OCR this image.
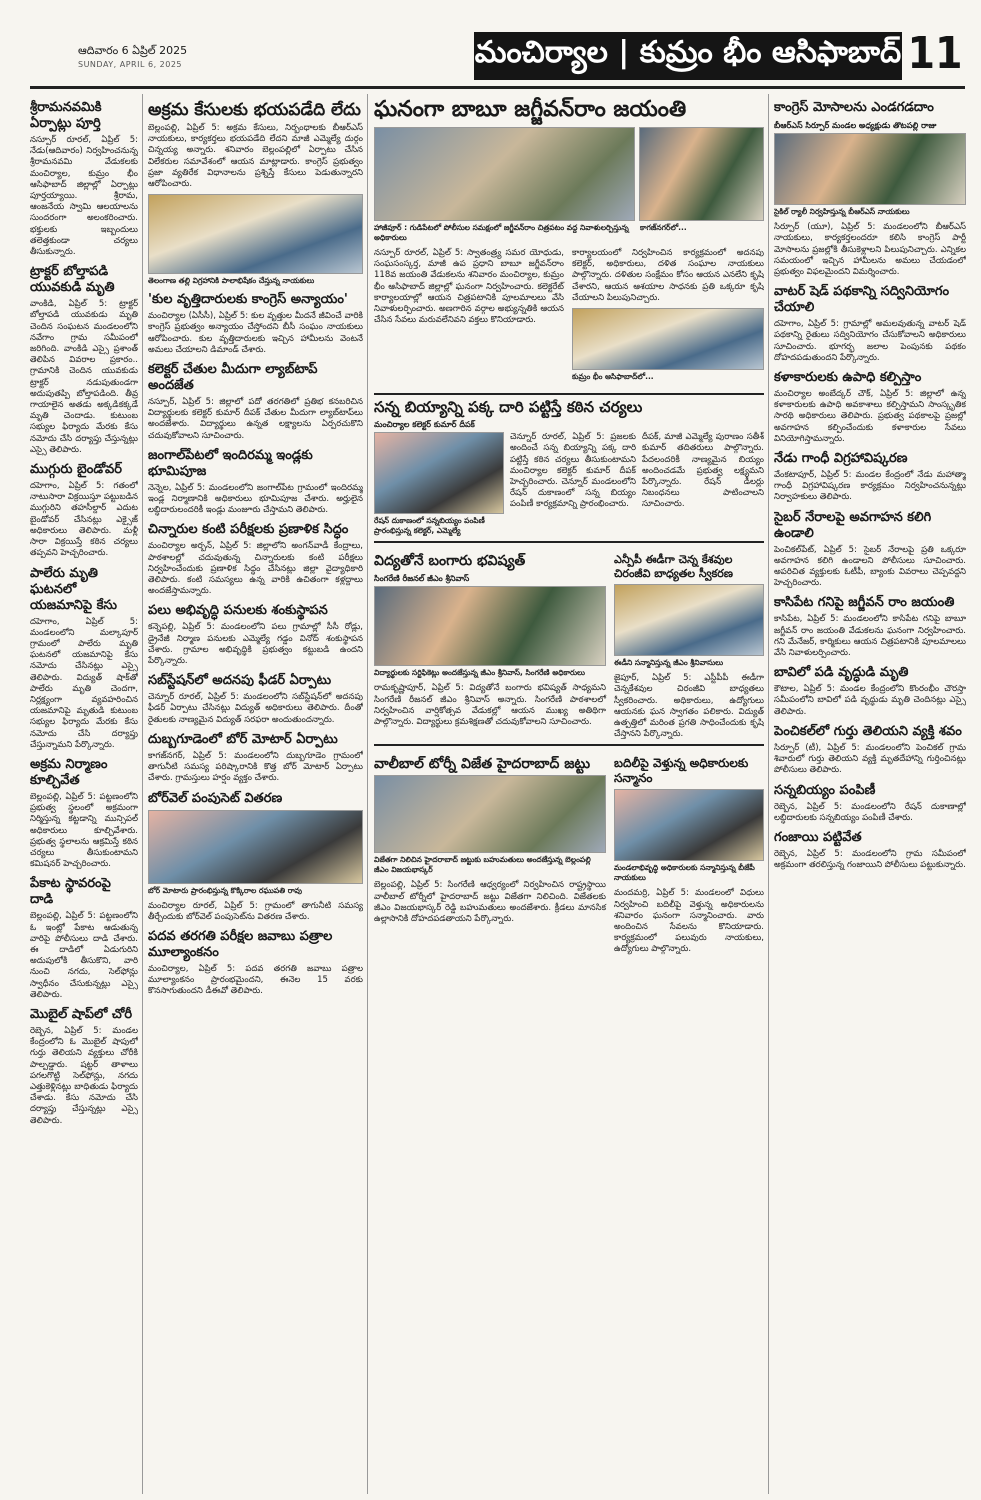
ఆదివారం 6 ఏప్రిల్ 2025
SUNDAY, APRIL 6, 2025	మంచిర్యాల | కుమ్రం భీం ఆసిఫాబాద్ 11
శ్రీరామనవమికి ఏర్పాట్లు పూర్తి

నస్పూర్‌ రూరల్‌, ఏప్రిల్‌ 5: నేడు(ఆదివారం) నిర్వహించనున్న శ్రీరామనవమి వేడుకలకు మంచిర్యాల, కుమ్రం భీం ఆసిఫాబాద్‌ జిల్లాల్లో ఏర్పాట్లు పూర్తయ్యాయి. శ్రీరామ, ఆంజనేయ స్వామి ఆలయాలను సుందరంగా అలంకరించారు. భక్తులకు ఇబ్బందులు తలెత్తకుండా చర్యలు తీసుకున్నారు.

ట్రాక్టర్‌ బోల్తాపడి యువకుడి మృతి

వాంకిడి, ఏప్రిల్‌ 5: ట్రాక్టర్‌ బోల్తాపడి యువకుడు మృతి చెందిన సంఘటన మండలంలోని నవేగాం గ్రామ సమీపంలో జరిగింది. వాంకిడి ఎస్సై ప్రశాంత్‌ తెలిపిన వివరాల ప్రకారం.. గ్రామానికి చెందిన యువకుడు ట్రాక్టర్‌ నడుపుతుండగా అదుపుతప్పి బోల్తాపడింది. తీవ్ర గాయాలైన అతడు అక్కడికక్కడే మృతి చెందాడు. కుటుంబ సభ్యుల ఫిర్యాదు మేరకు కేసు నమోదు చేసి దర్యాప్తు చేస్తున్నట్లు ఎస్సై తెలిపారు.

ముగ్గురు బైండోవర్‌

దహెగాం, ఏప్రిల్‌ 5: గతంలో నాటుసారా విక్రయిస్తూ పట్టుబడిన ముగ్గురిని తహసీల్దార్‌ ఎదుట బైండోవర్‌ చేసినట్లు ఎక్సైజ్‌ అధికారులు తెలిపారు. మళ్లీ సారా విక్రయిస్తే కఠిన చర్యలు తప్పవని హెచ్చరించారు.

పాలేరు మృతి ఘటనలో యజమానిపై కేసు

దహెగాం, ఏప్రిల్‌ 5: మండలంలోని మల్కాపూర్‌ గ్రామంలో పాలేరు మృతి ఘటనలో యజమానిపై కేసు నమోదు చేసినట్లు ఎస్సై తెలిపారు. విద్యుత్‌ షాక్‌తో పాలేరు మృతి చెందగా, నిర్లక్ష్యంగా వ్యవహరించిన యజమానిపై మృతుడి కుటుంబ సభ్యుల ఫిర్యాదు మేరకు కేసు నమోదు చేసి దర్యాప్తు చేస్తున్నామని పేర్కొన్నారు.

అక్రమ నిర్మాణం కూల్చివేత

బెల్లంపల్లి, ఏప్రిల్‌ 5: పట్టణంలోని ప్రభుత్వ స్థలంలో అక్రమంగా నిర్మిస్తున్న కట్టడాన్ని మున్సిపల్‌ అధికారులు కూల్చివేశారు. ప్రభుత్వ స్థలాలను ఆక్రమిస్తే కఠిన చర్యలు తీసుకుంటామని కమిషనర్‌ హెచ్చరించారు.

పేకాట స్థావరంపై దాడి

బెల్లంపల్లి, ఏప్రిల్‌ 5: పట్టణంలోని ఓ ఇంట్లో పేకాట ఆడుతున్న వారిపై పోలీసులు దాడి చేశారు. ఈ దాడిలో ఏడుగురిని అదుపులోకి తీసుకొని, వారి నుంచి నగదు, సెల్‌ఫోన్లు స్వాధీనం చేసుకున్నట్లు ఎస్సై తెలిపారు.

మొబైల్‌ షాప్‌లో చోరీ

రెబ్బెన, ఏప్రిల్‌ 5: మండల కేంద్రంలోని ఓ మొబైల్‌ షాపులో గుర్తు తెలియని వ్యక్తులు చోరీకి పాల్పడ్డారు. షట్టర్‌ తాళాలు పగలగొట్టి సెల్‌ఫోన్లు, నగదు ఎత్తుకెళ్లినట్లు బాధితుడు ఫిర్యాదు చేశాడు. కేసు నమోదు చేసి దర్యాప్తు చేస్తున్నట్లు ఎస్సై తెలిపారు.

అక్రమ కేసులకు భయపడేది లేదు

బెల్లంపల్లి, ఏప్రిల్‌ 5: అక్రమ కేసులు, నిర్బంధాలకు బీఆర్‌ఎస్‌ నాయకులు, కార్యకర్తలు భయపడేది లేదని మాజీ ఎమ్మెల్యే దుర్గం చిన్నయ్య అన్నారు. శనివారం బెల్లంపల్లిలో ఏర్పాటు చేసిన విలేకరుల సమావేశంలో ఆయన మాట్లాడారు. కాంగ్రెస్‌ ప్రభుత్వం ప్రజా వ్యతిరేక విధానాలను ప్రశ్నిస్తే కేసులు పెడుతున్నారని ఆరోపించారు.

తెలంగాణ తల్లి విగ్రహానికి పాలాభిషేకం చేస్తున్న నాయకులు
'కుల వృత్తిదారులకు కాంగ్రెస్‌ అన్యాయం'

మంచిర్యాల (ఏసీసీ), ఏప్రిల్‌ 5: కుల వృత్తుల మీదనే జీవించే వారికి కాంగ్రెస్‌ ప్రభుత్వం అన్యాయం చేస్తోందని బీసీ సంఘం నాయకులు ఆరోపించారు. కుల వృత్తిదారులకు ఇచ్చిన హామీలను వెంటనే అమలు చేయాలని డిమాండ్‌ చేశారు.

కలెక్టర్‌ చేతుల మీదుగా ల్యాబ్‌టాప్‌ అందజేత

నస్పూర్‌, ఏప్రిల్‌ 5: జిల్లాలో పదో తరగతిలో ప్రతిభ కనబరిచిన విద్యార్థులకు కలెక్టర్‌ కుమార్‌ దీపక్‌ చేతుల మీదుగా ల్యాబ్‌టాప్‌లు అందజేశారు. విద్యార్థులు ఉన్నత లక్ష్యాలను ఏర్పరచుకొని చదువుకోవాలని సూచించారు.

జంగాల్‌పేటలో ఇందిరమ్మ ఇండ్లకు భూమిపూజ

నెన్నెల, ఏప్రిల్‌ 5: మండలంలోని జంగాల్‌పేట గ్రామంలో ఇందిరమ్మ ఇండ్ల నిర్మాణానికి అధికారులు భూమిపూజ చేశారు. అర్హులైన లబ్ధిదారులందరికీ ఇండ్లు మంజూరు చేస్తామని తెలిపారు.

చిన్నారుల కంటి పరీక్షలకు ప్రణాళిక సిద్ధం

మంచిర్యాల అర్బన్‌, ఏప్రిల్‌ 5: జిల్లాలోని అంగన్‌వాడీ కేంద్రాలు, పాఠశాలల్లో చదువుతున్న చిన్నారులకు కంటి పరీక్షలు నిర్వహించేందుకు ప్రణాళిక సిద్ధం చేసినట్లు జిల్లా వైద్యాధికారి తెలిపారు. కంటి సమస్యలు ఉన్న వారికి ఉచితంగా కళ్లద్దాలు అందజేస్తామన్నారు.

పలు అభివృద్ధి పనులకు శంకుస్థాపన

కన్నెపల్లి, ఏప్రిల్‌ 5: మండలంలోని పలు గ్రామాల్లో సీసీ రోడ్లు, డ్రైనేజీ నిర్మాణ పనులకు ఎమ్మెల్యే గడ్డం వినోద్‌ శంకుస్థాపన చేశారు. గ్రామాల అభివృద్ధికి ప్రభుత్వం కట్టుబడి ఉందని పేర్కొన్నారు.

సబ్‌స్టేషన్‌లో అదనపు ఫీడర్‌ ఏర్పాటు

చెన్నూర్‌ రూరల్‌, ఏప్రిల్‌ 5: మండలంలోని సబ్‌స్టేషన్‌లో అదనపు ఫీడర్‌ ఏర్పాటు చేసినట్లు విద్యుత్‌ అధికారులు తెలిపారు. దీంతో రైతులకు నాణ్యమైన విద్యుత్‌ సరఫరా అందుతుందన్నారు.

దుబ్బగూడెంలో బోర్‌ మోటార్‌ ఏర్పాటు

కాగజ్‌నగర్‌, ఏప్రిల్‌ 5: మండలంలోని దుబ్బగూడెం గ్రామంలో తాగునీటి సమస్య పరిష్కారానికి కొత్త బోర్‌ మోటార్‌ ఏర్పాటు చేశారు. గ్రామస్తులు హర్షం వ్యక్తం చేశారు.

బోర్‌వెల్‌ పంపుసెట్‌ వితరణ
బోర్‌ మోటారు ప్రారంభిస్తున్న కొక్కిరాల రఘుపతి రావు

మంచిర్యాల రూరల్‌, ఏప్రిల్‌ 5: గ్రామంలో తాగునీటి సమస్య తీర్చేందుకు బోర్‌వెల్‌ పంపుసెట్‌ను వితరణ చేశారు.

పదవ తరగతి పరీక్షల జవాబు పత్రాల మూల్యాంకనం

మంచిర్యాల, ఏప్రిల్‌ 5: పదవ తరగతి జవాబు పత్రాల మూల్యాంకనం ప్రారంభమైందని, ఈనెల 15 వరకు కొనసాగుతుందని డీఈవో తెలిపారు.

ఘనంగా బాబూ జగ్జీవన్‌రాం జయంతి
హాజీపూర్‌ : గుడిపేటలో పోలీసుల సమక్షంలో జగ్జీవన్‌రాం చిత్రపటం వద్ద నివాళులర్పిస్తున్న అధికారులు
కాగజ్‌నగర్‌లో...

నస్పూర్‌ రూరల్‌, ఏప్రిల్‌ 5: స్వాతంత్ర్య సమర యోధుడు, సంఘసంస్కర్త, మాజీ ఉప ప్రధాని బాబూ జగ్జీవన్‌రాం 118వ జయంతి వేడుకలను శనివారం మంచిర్యాల, కుమ్రం భీం ఆసిఫాబాద్‌ జిల్లాల్లో ఘనంగా నిర్వహించారు. కలెక్టరేట్‌ కార్యాలయాల్లో ఆయన చిత్రపటానికి పూలమాలలు వేసి నివాళులర్పించారు. అణగారిన వర్గాల అభ్యున్నతికి ఆయన చేసిన సేవలు మరువలేనివని వక్తలు కొనియాడారు.

కార్యాలయంలో నిర్వహించిన కార్యక్రమంలో అదనపు కలెక్టర్‌, అధికారులు, దళిత సంఘాల నాయకులు పాల్గొన్నారు. దళితుల సంక్షేమం కోసం ఆయన ఎనలేని కృషి చేశారని, ఆయన ఆశయాల సాధనకు ప్రతి ఒక్కరూ కృషి చేయాలని పిలుపునిచ్చారు.

కుమ్రం భీం ఆసిఫాబాద్‌లో...
సన్న బియ్యాన్ని పక్క దారి పట్టిస్తే కఠిన చర్యలు
మంచిర్యాల కలెక్టర్‌ కుమార్‌ దీపక్‌
రేషన్‌ దుకాణంలో సన్నబియ్యం పంపిణీ ప్రారంభిస్తున్న కలెక్టర్‌, ఎమ్మెల్యే

చెన్నూర్‌ రూరల్‌, ఏప్రిల్‌ 5: ప్రజలకు అందించే సన్న బియ్యాన్ని పక్క దారి పట్టిస్తే కఠిన చర్యలు తీసుకుంటామని మంచిర్యాల కలెక్టర్‌ కుమార్‌ దీపక్‌ హెచ్చరించారు. చెన్నూర్‌ మండలంలోని రేషన్‌ దుకాణంలో సన్న బియ్యం పంపిణీ కార్యక్రమాన్ని ప్రారంభించారు.

దీపక్‌, మాజీ ఎమ్మెల్యే పురాణం సతీశ్‌ కుమార్‌ తదితరులు పాల్గొన్నారు. పేదలందరికీ నాణ్యమైన బియ్యం అందించడమే ప్రభుత్వ లక్ష్యమని పేర్కొన్నారు. రేషన్‌ డీలర్లు నిబంధనలు పాటించాలని సూచించారు.

విద్యతోనే బంగారు భవిష్యత్‌
సింగరేణి రీజనల్‌ జీఎం శ్రీనివాస్‌
విద్యార్థులకు సర్టిఫికెట్లు అందజేస్తున్న జీఎం శ్రీనివాస్‌, సింగరేణి అధికారులు

రామకృష్ణాపూర్‌, ఏప్రిల్‌ 5: విద్యతోనే బంగారు భవిష్యత్‌ సాధ్యమని సింగరేణి రీజనల్‌ జీఎం శ్రీనివాస్‌ అన్నారు. సింగరేణి పాఠశాలలో నిర్వహించిన వార్షికోత్సవ వేడుకల్లో ఆయన ముఖ్య అతిథిగా పాల్గొన్నారు. విద్యార్థులు క్రమశిక్షణతో చదువుకోవాలని సూచించారు.

ఎన్పీపీ ఈడీగా చెన్న కేశవుల చిరంజీవి బాధ్యతల స్వీకరణ
ఈడీని సన్మానిస్తున్న జీఎం శ్రీనివాసులు

జైపూర్‌, ఏప్రిల్‌ 5: ఎస్టీపీపీ ఈడీగా చెన్నకేశవుల చిరంజీవి బాధ్యతలు స్వీకరించారు. అధికారులు, ఉద్యోగులు ఆయనకు ఘన స్వాగతం పలికారు. విద్యుత్‌ ఉత్పత్తిలో మరింత ప్రగతి సాధించేందుకు కృషి చేస్తానని పేర్కొన్నారు.

వాలీబాల్‌ టోర్నీ విజేత హైదరాబాద్‌ జట్టు
విజేతగా నిలిచిన హైదరాబాద్‌ జట్టుకు బహుమతులు అందజేస్తున్న బెల్లంపల్లి జీఎం విజయభాస్కర్‌

బెల్లంపల్లి, ఏప్రిల్‌ 5: సింగరేణి ఆధ్వర్యంలో నిర్వహించిన రాష్ట్రస్థాయి వాలీబాల్‌ టోర్నీలో హైదరాబాద్‌ జట్టు విజేతగా నిలిచింది. విజేతలకు జీఎం విజయభాస్కర్‌ రెడ్డి బహుమతులు అందజేశారు. క్రీడలు మానసిక ఉల్లాసానికి దోహదపడతాయని పేర్కొన్నారు.

బదిలీపై వెళ్తున్న అధికారులకు సన్మానం
మండలాభివృద్ధి అధికారులకు సన్మానిస్తున్న బీజేపీ నాయకులు

మందమర్రి, ఏప్రిల్‌ 5: మండలంలో విధులు నిర్వహించి బదిలీపై వెళ్తున్న అధికారులను శనివారం ఘనంగా సన్మానించారు. వారు అందించిన సేవలను కొనియాడారు. కార్యక్రమంలో పలువురు నాయకులు, ఉద్యోగులు పాల్గొన్నారు.

కాంగ్రెస్‌ మోసాలను ఎండగడదాం
బీఆర్‌ఎస్‌ సిర్పూర్‌ మండల అధ్యక్షుడు తొటపల్లి రాజు
సైకిల్‌ ర్యాలీ నిర్వహిస్తున్న బీఆర్‌ఎస్‌ నాయకులు

సిర్పూర్‌ (యూ), ఏప్రిల్‌ 5: మండలంలోని బీఆర్‌ఎస్‌ నాయకులు, కార్యకర్తలందరూ కలిసి కాంగ్రెస్‌ పార్టీ మోసాలను ప్రజల్లోకి తీసుకెళ్లాలని పిలుపునిచ్చారు. ఎన్నికల సమయంలో ఇచ్చిన హామీలను అమలు చేయడంలో ప్రభుత్వం విఫలమైందని విమర్శించారు.

వాటర్‌ షెడ్‌ పథకాన్ని సద్వినియోగం చేయాలి

దహెగాం, ఏప్రిల్‌ 5: గ్రామాల్లో అమలవుతున్న వాటర్‌ షెడ్‌ పథకాన్ని రైతులు సద్వినియోగం చేసుకోవాలని అధికారులు సూచించారు. భూగర్భ జలాల పెంపునకు పథకం దోహదపడుతుందని పేర్కొన్నారు.

కళాకారులకు ఉపాధి కల్పిస్తాం

మంచిర్యాల అంబేద్కర్‌ చౌక్‌, ఏప్రిల్‌ 5: జిల్లాలో ఉన్న కళాకారులకు ఉపాధి అవకాశాలు కల్పిస్తామని సాంస్కృతిక సారథి అధికారులు తెలిపారు. ప్రభుత్వ పథకాలపై ప్రజల్లో అవగాహన కల్పించేందుకు కళాకారుల సేవలు వినియోగిస్తామన్నారు.

నేడు గాంధీ విగ్రహావిష్కరణ

వేంకటాపూర్‌, ఏప్రిల్‌ 5: మండల కేంద్రంలో నేడు మహాత్మా గాంధీ విగ్రహావిష్కరణ కార్యక్రమం నిర్వహించనున్నట్లు నిర్వాహకులు తెలిపారు.

సైబర్‌ నేరాలపై అవగాహన కలిగి ఉండాలి

పెంచికల్‌పేట్‌, ఏప్రిల్‌ 5: సైబర్‌ నేరాలపై ప్రతి ఒక్కరూ అవగాహన కలిగి ఉండాలని పోలీసులు సూచించారు. అపరిచిత వ్యక్తులకు ఓటీపీ, బ్యాంకు వివరాలు చెప్పవద్దని హెచ్చరించారు.

కాసిపేట గనిపై జగ్జీవన్‌ రాం జయంతి

కాసిపేట, ఏప్రిల్‌ 5: మండలంలోని కాసిపేట గనిపై బాబూ జగ్జీవన్‌ రాం జయంతి వేడుకలను ఘనంగా నిర్వహించారు. గని మేనేజర్‌, కార్మికులు ఆయన చిత్రపటానికి పూలమాలలు వేసి నివాళులర్పించారు.

బావిలో పడి వృద్ధుడి మృతి

కౌటాల, ఏప్రిల్‌ 5: మండల కేంద్రంలోని కొంరంభీం చౌరస్తా సమీపంలోని బావిలో పడి వృద్ధుడు మృతి చెందినట్లు ఎస్సై తెలిపారు.

పెంచికల్‌లో గుర్తు తెలియని వ్యక్తి శవం

సిర్పూర్‌ (టీ), ఏప్రిల్‌ 5: మండలంలోని పెంచికల్‌ గ్రామ శివారులో గుర్తు తెలియని వ్యక్తి మృతదేహాన్ని గుర్తించినట్లు పోలీసులు తెలిపారు.

సన్నబియ్యం పంపిణీ

రెబ్బెన, ఏప్రిల్‌ 5: మండలంలోని రేషన్‌ దుకాణాల్లో లబ్ధిదారులకు సన్నబియ్యం పంపిణీ చేశారు.

గంజాయి పట్టివేత

రెబ్బెన, ఏప్రిల్‌ 5: మండలంలోని గ్రామ సమీపంలో అక్రమంగా తరలిస్తున్న గంజాయిని పోలీసులు పట్టుకున్నారు.
